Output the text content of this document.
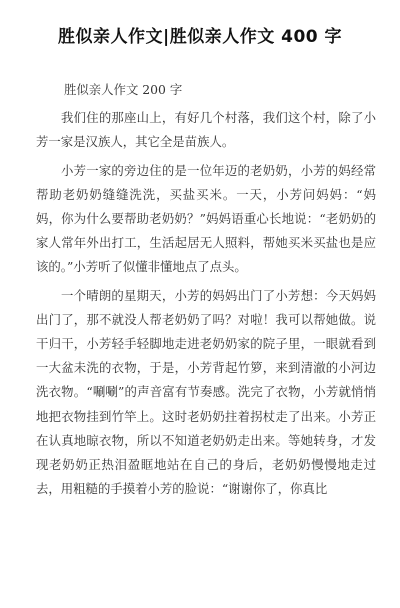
胜似亲人作文|胜似亲人作文 400 字
胜似亲人作文 200 字

我们住的那座山上，有好几个村落，我们这个村，除了小芳一家是汉族人，其它全是苗族人。

小芳一家的旁边住的是一位年迈的老奶奶，小芳的妈经常帮助老奶奶缝缝洗洗，买盐买米。一天，小芳问妈妈：“妈妈，你为什么要帮助老奶奶？”妈妈语重心长地说：“老奶奶的家人常年外出打工，生活起居无人照料，帮她买米买盐也是应该的。”小芳听了似懂非懂地点了点头。

一个晴朗的星期天，小芳的妈妈出门了小芳想：今天妈妈出门了，那不就没人帮老奶奶了吗？对啦！我可以帮她做。说干归干，小芳轻手轻脚地走进老奶奶家的院子里，一眼就看到一大盆未洗的衣物，于是，小芳背起竹箩，来到清澈的小河边洗衣物。“唰唰”的声音富有节奏感。洗完了衣物，小芳就悄悄地把衣物挂到竹竿上。这时老奶奶拄着拐杖走了出来。小芳正在认真地晾衣物，所以不知道老奶奶走出来。等她转身，才发现老奶奶正热泪盈眶地站在自己的身后，老奶奶慢慢地走过去，用粗糙的手摸着小芳的脸说：“谢谢你了，你真比
